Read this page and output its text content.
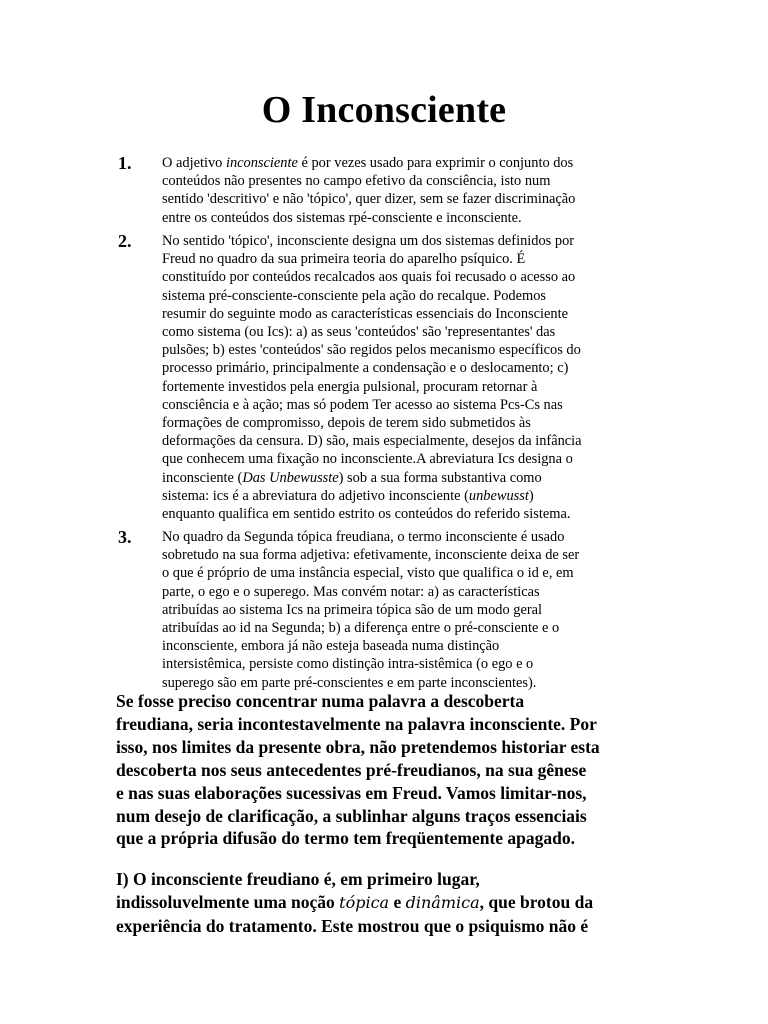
O Inconsciente
1. O adjetivo inconsciente é por vezes usado para exprimir o conjunto dos
conteúdos não presentes no campo efetivo da consciência, isto num
sentido 'descritivo' e não 'tópico', quer dizer, sem se fazer discriminação
entre os conteúdos dos sistemas rpé-consciente e inconsciente.
2. No sentido 'tópico', inconsciente designa um dos sistemas definidos por
Freud no quadro da sua primeira teoria do aparelho psíquico. É
constituído por conteúdos recalcados aos quais foi recusado o acesso ao
sistema pré-consciente-consciente pela ação do recalque. Podemos
resumir do seguinte modo as características essenciais do Inconsciente
como sistema (ou Ics): a) as seus 'conteúdos' são 'representantes' das
pulsões; b) estes 'conteúdos' são regidos pelos mecanismo específicos do
processo primário, principalmente a condensação e o deslocamento; c)
fortemente investidos pela energia pulsional, procuram retornar à
consciência e à ação; mas só podem Ter acesso ao sistema Pcs-Cs nas
formações de compromisso, depois de terem sido submetidos às
deformações da censura. D) são, mais especialmente, desejos da infância
que conhecem uma fixação no inconsciente.A abreviatura Ics designa o
inconsciente (Das Unbewusste) sob a sua forma substantiva como
sistema: ics é a abreviatura do adjetivo inconsciente (unbewusst)
enquanto qualifica em sentido estrito os conteúdos do referido sistema.
3. No quadro da Segunda tópica freudiana, o termo inconsciente é usado
sobretudo na sua forma adjetiva: efetivamente, inconsciente deixa de ser
o que é próprio de uma instância especial, visto que qualifica o id e, em
parte, o ego e o superego. Mas convém notar: a) as características
atribuídas ao sistema Ics na primeira tópica são de um modo geral
atribuídas ao id na Segunda; b) a diferença entre o pré-consciente e o
inconsciente, embora já não esteja baseada numa distinção
intersistêmica, persiste como distinção intra-sistêmica (o ego e o
superego são em parte pré-conscientes e em parte inconscientes).
Se fosse preciso concentrar numa palavra a descoberta
freudiana, seria incontestavelmente na palavra inconsciente. Por
isso, nos limites da presente obra, não pretendemos historiar esta
descoberta nos seus antecedentes pré-freudianos, na sua gênese
e nas suas elaborações sucessivas em Freud. Vamos limitar-nos,
num desejo de clarificação, a sublinhar alguns traços essenciais
que a própria difusão do termo tem freqüentemente apagado.
I) O inconsciente freudiano é, em primeiro lugar,
indissoluvelmente uma noção tópica e dinâmica, que brotou da
experiência do tratamento. Este mostrou que o psiquismo não é
